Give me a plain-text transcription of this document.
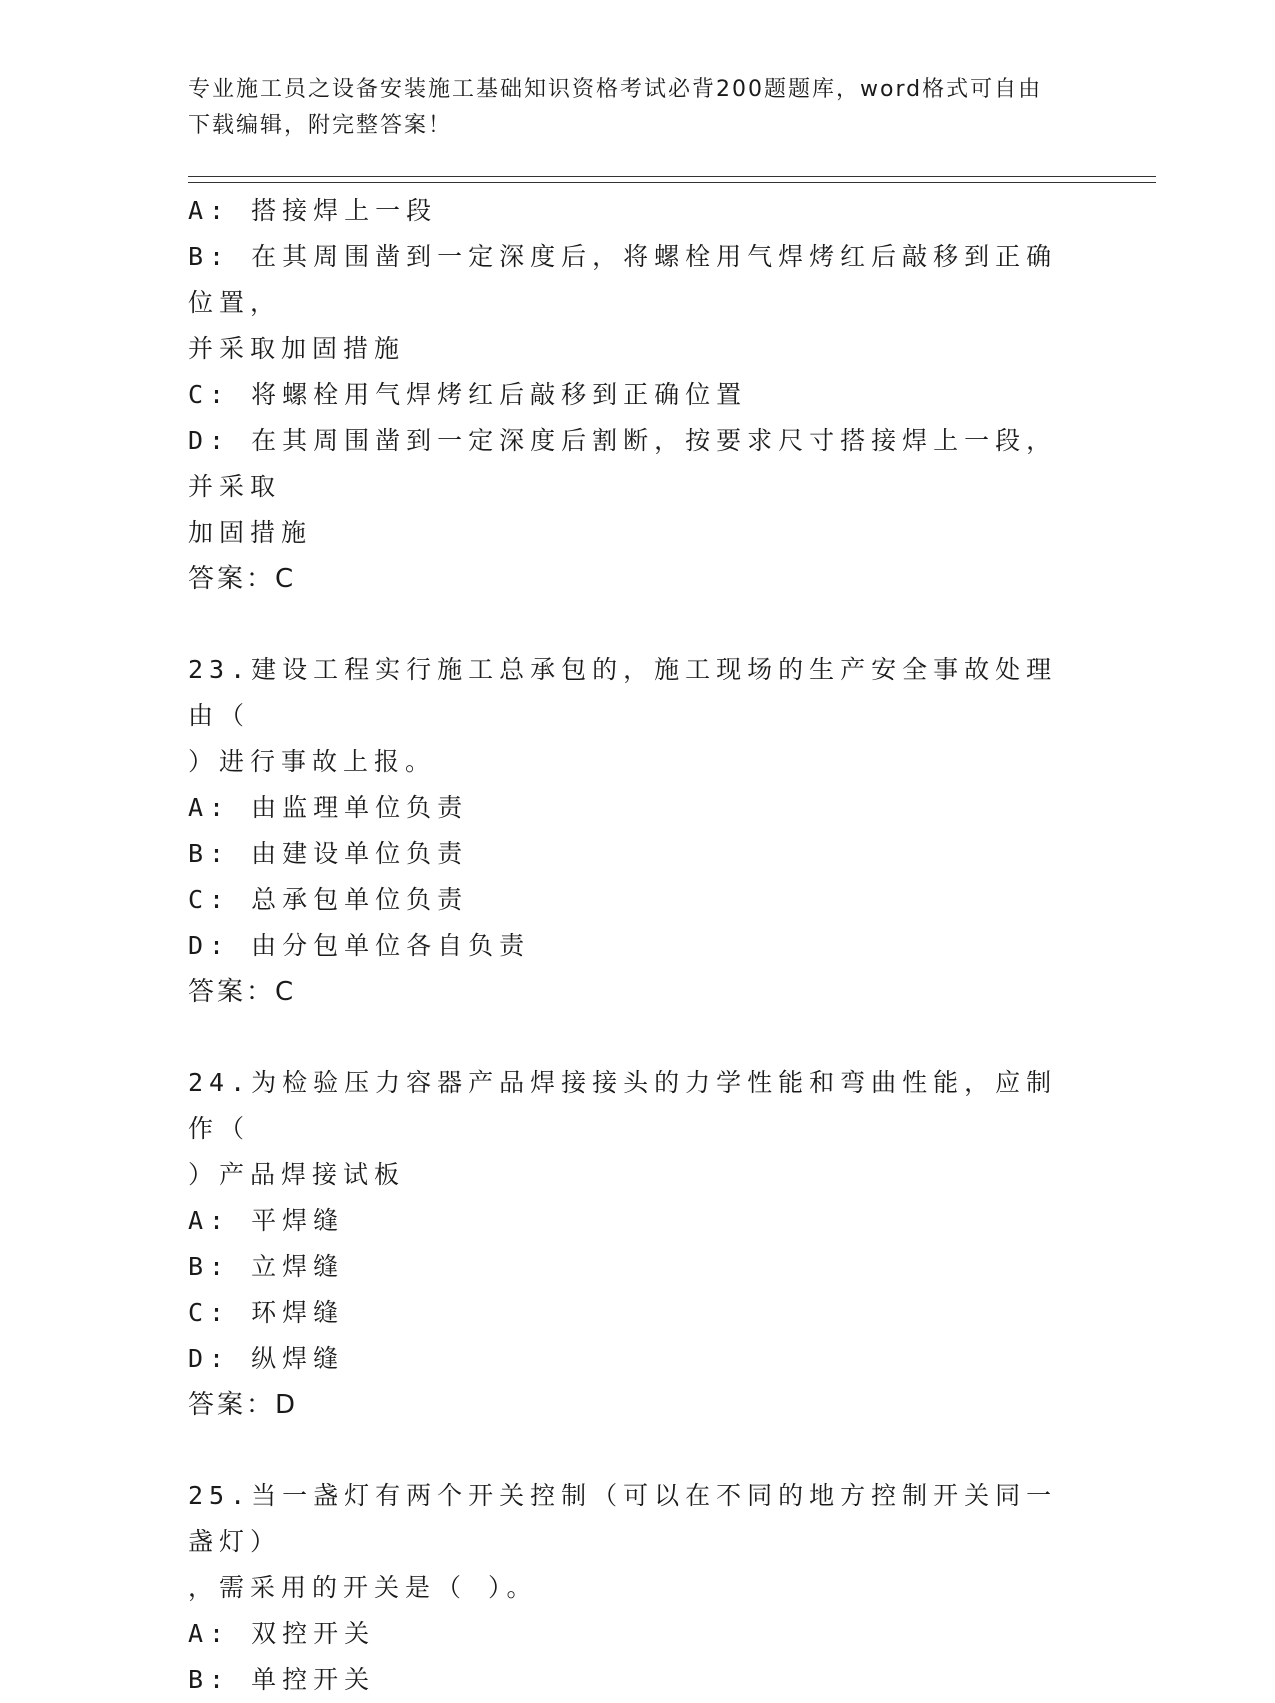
专业施工员之设备安装施工基础知识资格考试必背200题题库，word格式可自由
下载编辑，附完整答案！

A: 搭接焊上一段

B: 在其周围凿到一定深度后，将螺栓用气焊烤红后敲移到正确位置，

并采取加固措施

C: 将螺栓用气焊烤红后敲移到正确位置

D: 在其周围凿到一定深度后割断，按要求尺寸搭接焊上一段，并采取

加固措施

答案：C

23.建设工程实行施工总承包的，施工现场的生产安全事故处理由（

）进行事故上报。

A: 由监理单位负责

B: 由建设单位负责

C: 总承包单位负责

D: 由分包单位各自负责

答案：C

24.为检验压力容器产品焊接接头的力学性能和弯曲性能，应制作（

）产品焊接试板

A: 平焊缝

B: 立焊缝

C: 环焊缝

D: 纵焊缝

答案：D

25.当一盏灯有两个开关控制（可以在不同的地方控制开关同一盏灯）

，需采用的开关是（ ）。

A: 双控开关

B: 单控开关
